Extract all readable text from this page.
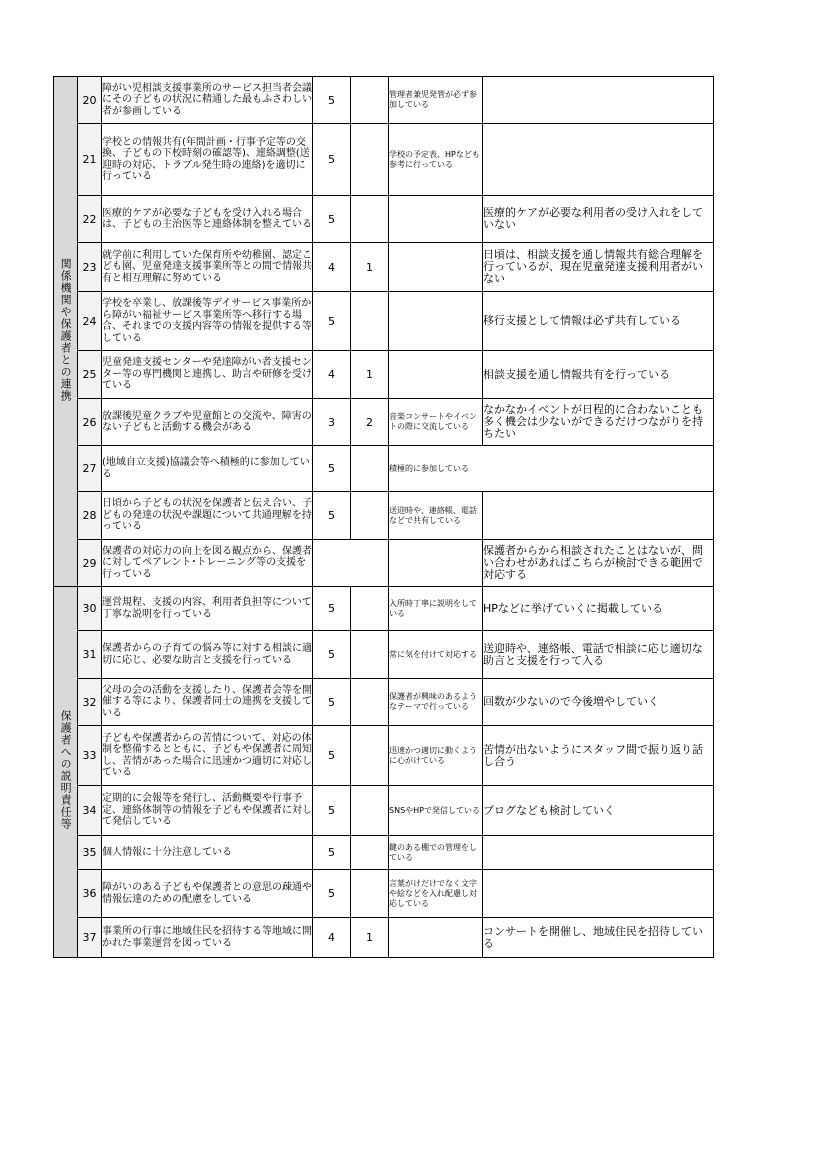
関係機関や保護者との連携	20	障がい児相談支援事業所のサービス担当者会議にその子どもの状況に精通した最もふさわしい者が参画している	5		管理者兼児発管が必ず参加している	
	21	学校との情報共有(年間計画・行事予定等の交換、子どもの下校時刻の確認等)、連絡調整(送迎時の対応、トラブル発生時の連絡)を適切に行っている	5		学校の予定表、HPなども参考に行っている	
	22	医療的ケアが必要な子どもを受け入れる場合は、子どもの主治医等と連絡体制を整えている	5			医療的ケアが必要な利用者の受け入れをしていない
	23	就学前に利用していた保育所や幼稚園、認定こども園、児童発達支援事業所等との間で情報共有と相互理解に努めている	4	1		日頃は、相談支援を通し情報共有総合理解を行っているが、現在児童発達支援利用者がいない
	24	学校を卒業し、放課後等デイサービス事業所から障がい福祉サービス事業所等へ移行する場合、それまでの支援内容等の情報を提供する等している	5			移行支援として情報は必ず共有している
	25	児童発達支援センターや発達障がい者支援センター等の専門機関と連携し、助言や研修を受けている	4	1		相談支援を通し情報共有を行っている
	26	放課後児童クラブや児童館との交流や、障害のない子どもと活動する機会がある	3	2	音楽コンサートやイベントの際に交流している	なかなかイベントが日程的に合わないことも多く機会は少ないができるだけつながりを持ちたい
	27	(地域自立支援)協議会等へ積極的に参加している	5		積極的に参加している	
	28	日頃から子どもの状況を保護者と伝え合い、子どもの発達の状況や課題について共通理解を持っている	5		送迎時や、連絡帳、電話などで共有している	
	29	保護者の対応力の向上を図る観点から、保護者に対してペアレント･トレーニング等の支援を行っている				保護者からから相談されたことはないが、問い合わせがあればこちらが検討できる範囲で対応する
保護者への説明責任等	30	運営規程、支援の内容、利用者負担等について丁寧な説明を行っている	5		入所時丁寧に説明をしている	HPなどに挙げていくに掲載している
	31	保護者からの子育ての悩み等に対する相談に適切に応じ、必要な助言と支援を行っている	5		常に気を付けて対応する	送迎時や、連絡帳、電話で相談に応じ適切な助言と支援を行って入る
	32	父母の会の活動を支援したり、保護者会等を開催する等により、保護者同士の連携を支援している	5		保護者が興味のあるようなテーマで行っている	回数が少ないので今後増やしていく
	33	子どもや保護者からの苦情について、対応の体制を整備するとともに、子どもや保護者に周知し、苦情があった場合に迅速かつ適切に対応している	5		迅速かつ適切に動くように心がけている	苦情が出ないようにスタッフ間で振り返り話し合う
	34	定期的に会報等を発行し、活動概要や行事予定、連絡体制等の情報を子どもや保護者に対して発信している	5		SNSやHPで発信している	ブログなども検討していく
	35	個人情報に十分注意している	5		鍵のある棚での管理をしている	
	36	障がいのある子どもや保護者との意思の疎通や情報伝達のための配慮をしている	5		言葉がけだけでなく文字や絵などを入れ配慮し対応している	
	37	事業所の行事に地域住民を招待する等地域に開かれた事業運営を図っている	4	1		コンサートを開催し、地域住民を招待している
